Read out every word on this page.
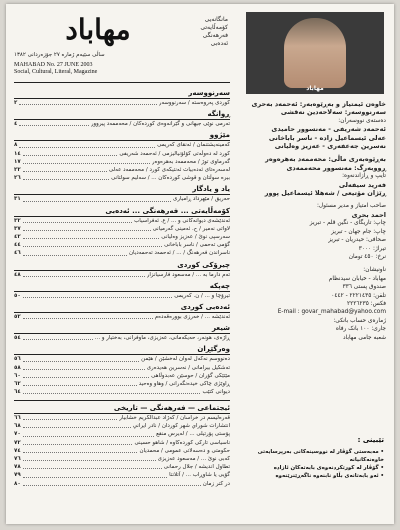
مهاباد	مانگانەیی
کۆمەڵایەتی
فەرهەنگی
ئەدەبی
ساڵی سێیەم ژمارە ٢٧ جۆزەردانی ١٣٨٢
MAHABAD No. 27 JUNE 2003
Social, Cultural, Literal, Magazine
سەرنووسەر
کوردی پەروەستە / سەرنووسەر
٢
ڕوانگە
تەرمی نوێی جیهانی و گێرانەوەی کوردەکان / محەممەد پیروور
٤
مێژوو
کەمینەیشتنمان / ئەنقای کەریمی
٨
کورد لە دەوڵەتی کۆلۆنیالیزمی / ئەحمەد شەریفی
١٤
گەرماوی توژ / محەممەد بەهرەوەر
١٧
لەسەرەتای ئەدەبیات ئەنتیکەی کورد / محەممەد عەلی
٢٢
بیرە سوڵتان و قوشی کوردەکان ... / سەلیم سولتانی
٢٦
یاد و یادگار
حەریق / مێهرداد ڕامیاری
٣١
کۆمەڵایەتی ... فەرهەنگی ... ئەدەبی
ئەندێشەی دیوانەکانی و ... / ع. ئەفراسیاب
٣٢
لاواتی نەمیر / ح. ئەمینی گەرمیانی
٣٧
سەرسپی نوێ / عەزیز وەلیانی
٤٢
گۆمی تەحمی / ناسر باباخانی
٤٤
ناسراندن فەرهەنگ / ... / ئەحمەد تەحمەدیان
٤٦
چیرۆکی کوردی
تەم دارما بە ... / مەسعود فارسیانزار
٤٨
چەپکە
تیرۆچا و ... / ن. کەریمی
٥٠
ئەدەبی کوردی
ئەندێشە ... / خەرزی بوورەقەدەم
٥٢
شیعر
ڕاژەی، هونەر، حەیکەمانی، عەزیزی، ماوفرانی، بەختیار و ...
٥٤
وەرگێڕان
دەنووسم نەکەل لەوان لەخشێن / هێمن
٥٦
تەشکیل بیرامانی / نەسرین هەیدەری
٥٨
مێتێکی گۆران / حوسێن عەبدوڵاهی
٦٠
ڕاوێژی چاکی خیدەنگەرانی / وهاو وەحید
٦٢
دیوانی کتێب
٦٤
ئیجتماعی — فەرهەنگی — تاریخی
قەرەلیسم در خراسان / کەژاد عبدالکریم خشابیار
٦٦
انتشارات شوراي شهر کوردان / نادر ایراني
٦٨
پۆستی پۆرتیلی ... / لەیرس منقع
٧٠
ناسیاسی تارکی کوردەکاوە / شاهو حسینی
٧٢
حکومتی و دەسەلاتی عمومی / محمدیان
٧٤
کەبی نوێ ... / مەسعود عەزیزی
٧٦
تطاول اندیشه / جلال رحمانی
٧٨
گۆیی یا شاوڕاب ... / آتلانتا
٧٩
در کتر زمان
٨٠
مهاباد
خاوەن ئیمتیاز و بەڕێوەبەر: ئەحمەد بەحری
سەرنووسەر: سەلاحەدین نەقشی
دەستەی نووسەران:
ئەحمەد شەریفی - مەنسوور حامیدی
عەلی ئیسماعیل زادە - ناسر باباخانی
نەسرین جەعفەری - عەزیز وەلیانی
بەڕێوەبەری ماڵی: محەممەد بەهرەوەر
ڕووبەرگ: مەنسوور محەممەدی
تایپ و ڕازاندنەوە:
فەرید سیفەلی
ڕێژان مۆتیعی / شەهلا ئیسماعیل پوور
صاحب امتیاز و مدیر مسئول:
احمد بحری
چاپ: تاریگای - نگین قلم - تبریز
چاپ: جام جهان - تبریز
صحافی: حیدریان - تبریز
تیراژ: ٣٠٠٠
نرخ: ٤٥٠ تومان
ناونیشان:
مهاباد - خیابان سیدنظام
صندوق پستی ٣٣٦
تلفن: ٢٢٢١٤٣٥ - ٠٤٤٢
فکس: ٢٢٢٦٢٣٥
E-mail : govar_mahabad@yahoo.com
ژمارەی حساب بانکی:
جاری: ١٠٠ بانک رفاه
شعبە جامی مهاباد
تێبینی :
• مەبەستی گۆڤار لە نووسینەکانی بەرپرسایەتی خاوەنەکانیانە
• گۆڤار لە کورتکردنەوەی بابەتەکان ئازادە
• ئەو بابەتانەی بڵاو نابنەوە ناگەڕێنرێنەوە
